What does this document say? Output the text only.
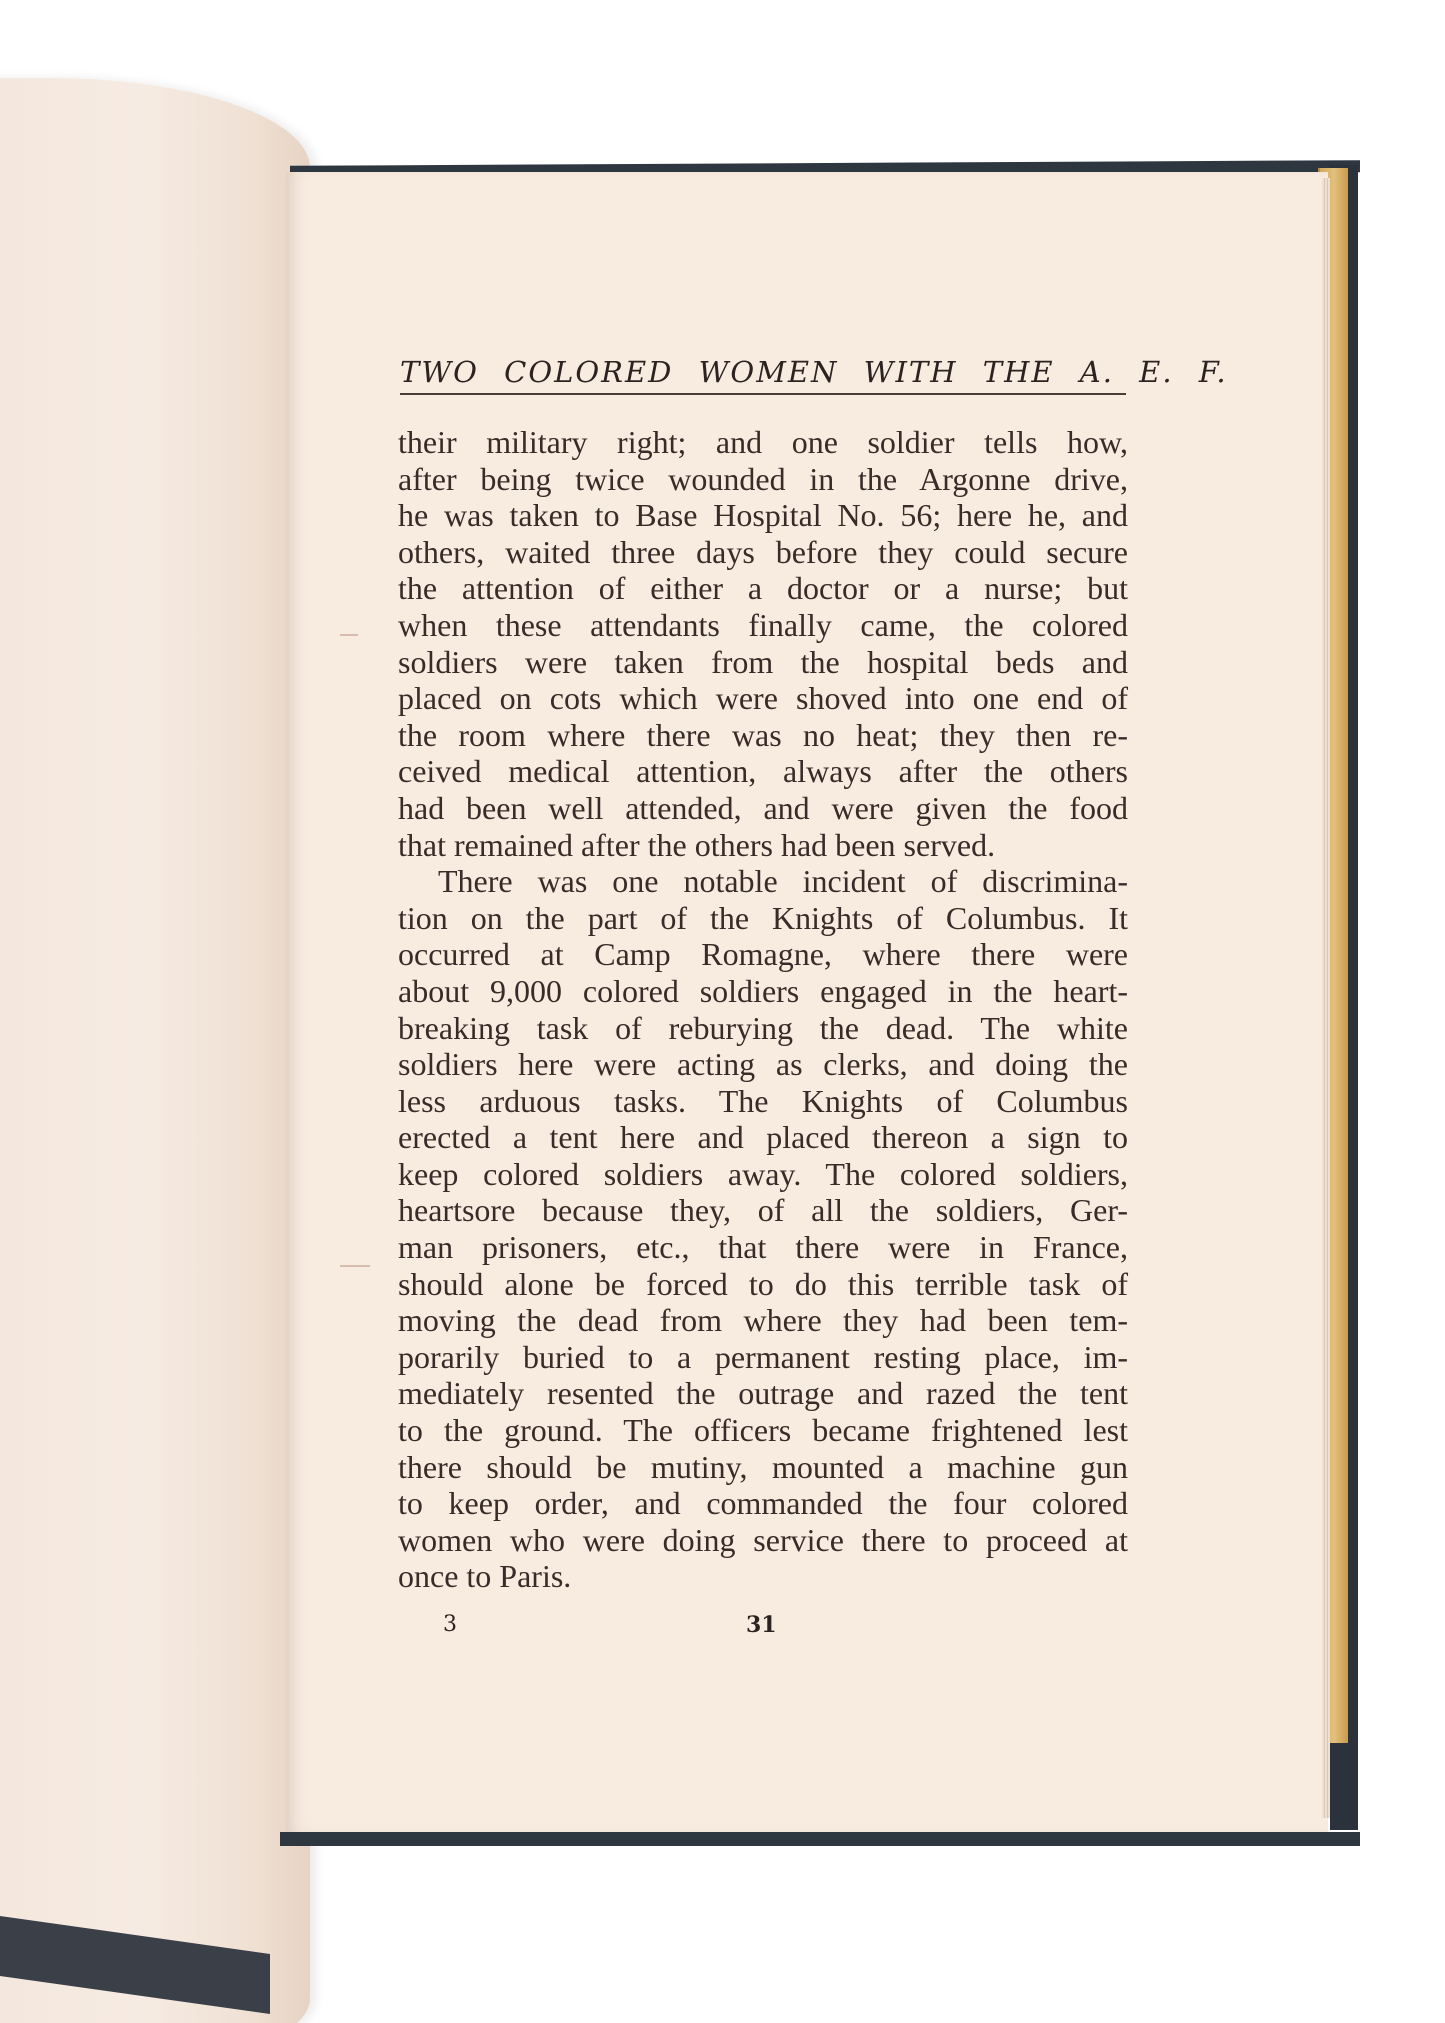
TWO COLORED WOMEN WITH THE A. E. F.
their military right; and one soldier tells how,
after being twice wounded in the Argonne drive,
he was taken to Base Hospital No. 56; here he, and
others, waited three days before they could secure
the attention of either a doctor or a nurse; but
when these attendants finally came, the colored
soldiers were taken from the hospital beds and
placed on cots which were shoved into one end of
the room where there was no heat; they then re-
ceived medical attention, always after the others
had been well attended, and were given the food
that remained after the others had been served.
There was one notable incident of discrimina-
tion on the part of the Knights of Columbus. It
occurred at Camp Romagne, where there were
about 9,000 colored soldiers engaged in the heart-
breaking task of reburying the dead. The white
soldiers here were acting as clerks, and doing the
less arduous tasks. The Knights of Columbus
erected a tent here and placed thereon a sign to
keep colored soldiers away. The colored soldiers,
heartsore because they, of all the soldiers, Ger-
man prisoners, etc., that there were in France,
should alone be forced to do this terrible task of
moving the dead from where they had been tem-
porarily buried to a permanent resting place, im-
mediately resented the outrage and razed the tent
to the ground. The officers became frightened lest
there should be mutiny, mounted a machine gun
to keep order, and commanded the four colored
women who were doing service there to proceed at
once to Paris.
3	31
